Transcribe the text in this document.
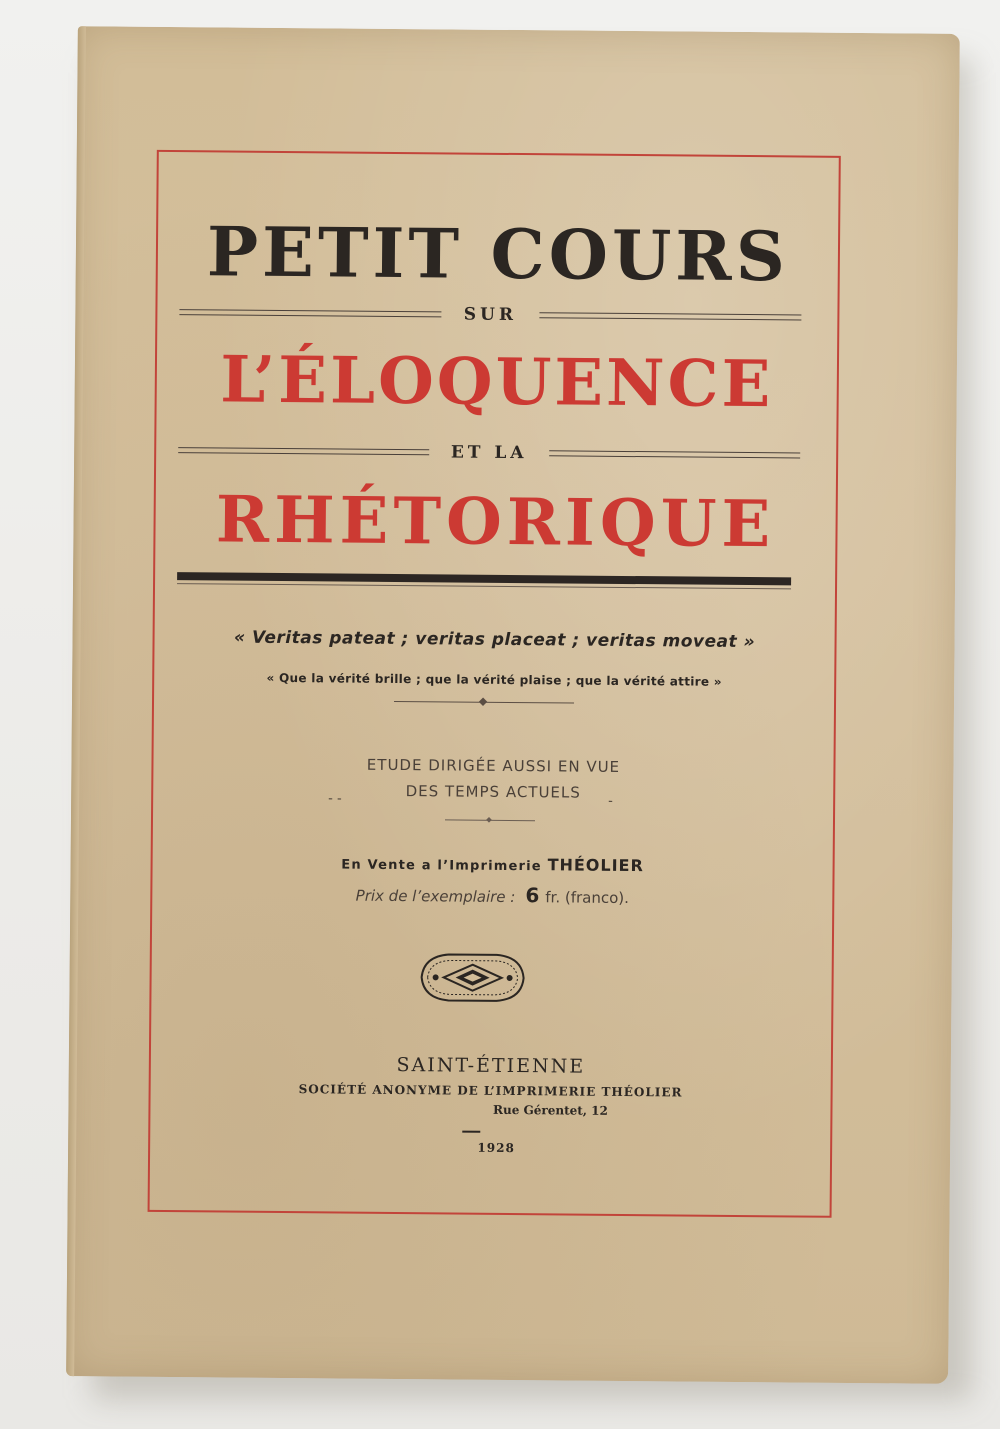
PETIT COURS
SUR
L’ÉLOQUENCE
ET LA
RHÉTORIQUE
« Veritas pateat ; veritas placeat ; veritas moveat »
« Que la vérité brille ; que la vérité plaise ; que la vérité attire »
ETUDE DIRIGÉE AUSSI EN VUE
DES TEMPS ACTUELS
- -	-
En Vente a l’Imprimerie THÉOLIER
Prix de l’exemplaire : 6 fr. (franco).
SAINT-ÉTIENNE
SOCIÉTÉ ANONYME DE L’IMPRIMERIE THÉOLIER
Rue Gérentet, 12
1928
